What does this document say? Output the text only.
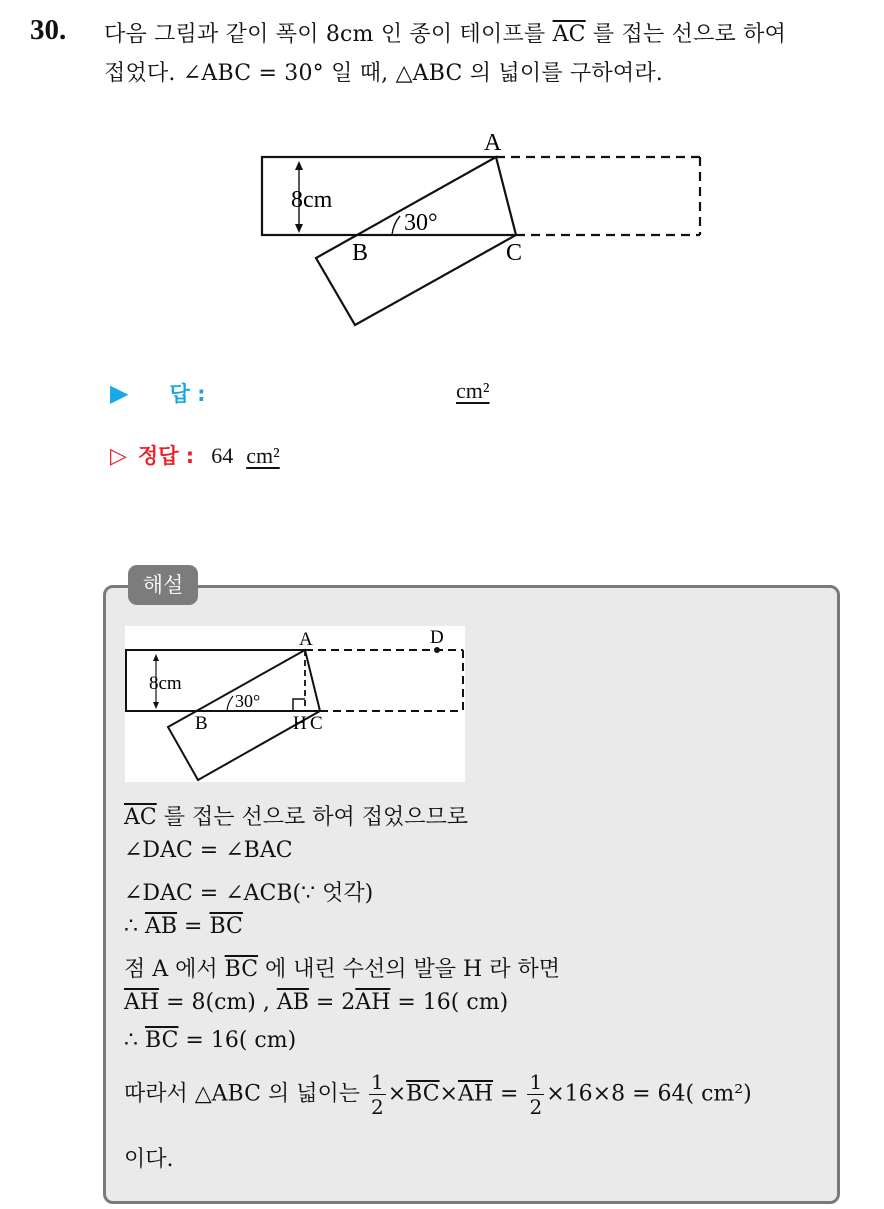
30. 다음 그림과 같이 폭이 8cm 인 종이 테이프를 $\overline{AC}$ 를 접는 선으로 하여
접었다. ∠ABC = 30° 일 때, △ABC 의 넓이를 구하여라.
8cm
30°
A
B	C
▶ 답 :	cm²
▷ 정답 : 64 cm²
해설
8cm
30°
A	D
B	H C
$\overline{AC}$ 를 접는 선으로 하여 접었으므로
∠DAC = ∠BAC
∠DAC = ∠ACB(∵ 엇각)
∴ $\overline{AB} = \overline{BC}$
점 A 에서 $\overline{BC}$ 에 내린 수선의 발을 H 라 하면
$\overline{AH} = 8(cm)$ , $\overline{AB} = 2\overline{AH} = 16$( cm)
∴ $\overline{BC} = 16$( cm)
따라서 △ABC 의 넓이는 $\frac{1}{2} \times\overline{BC}\times\overline{AH} = \frac{1}{2} \times 16\times 8 = 64$( cm²)
이다.
